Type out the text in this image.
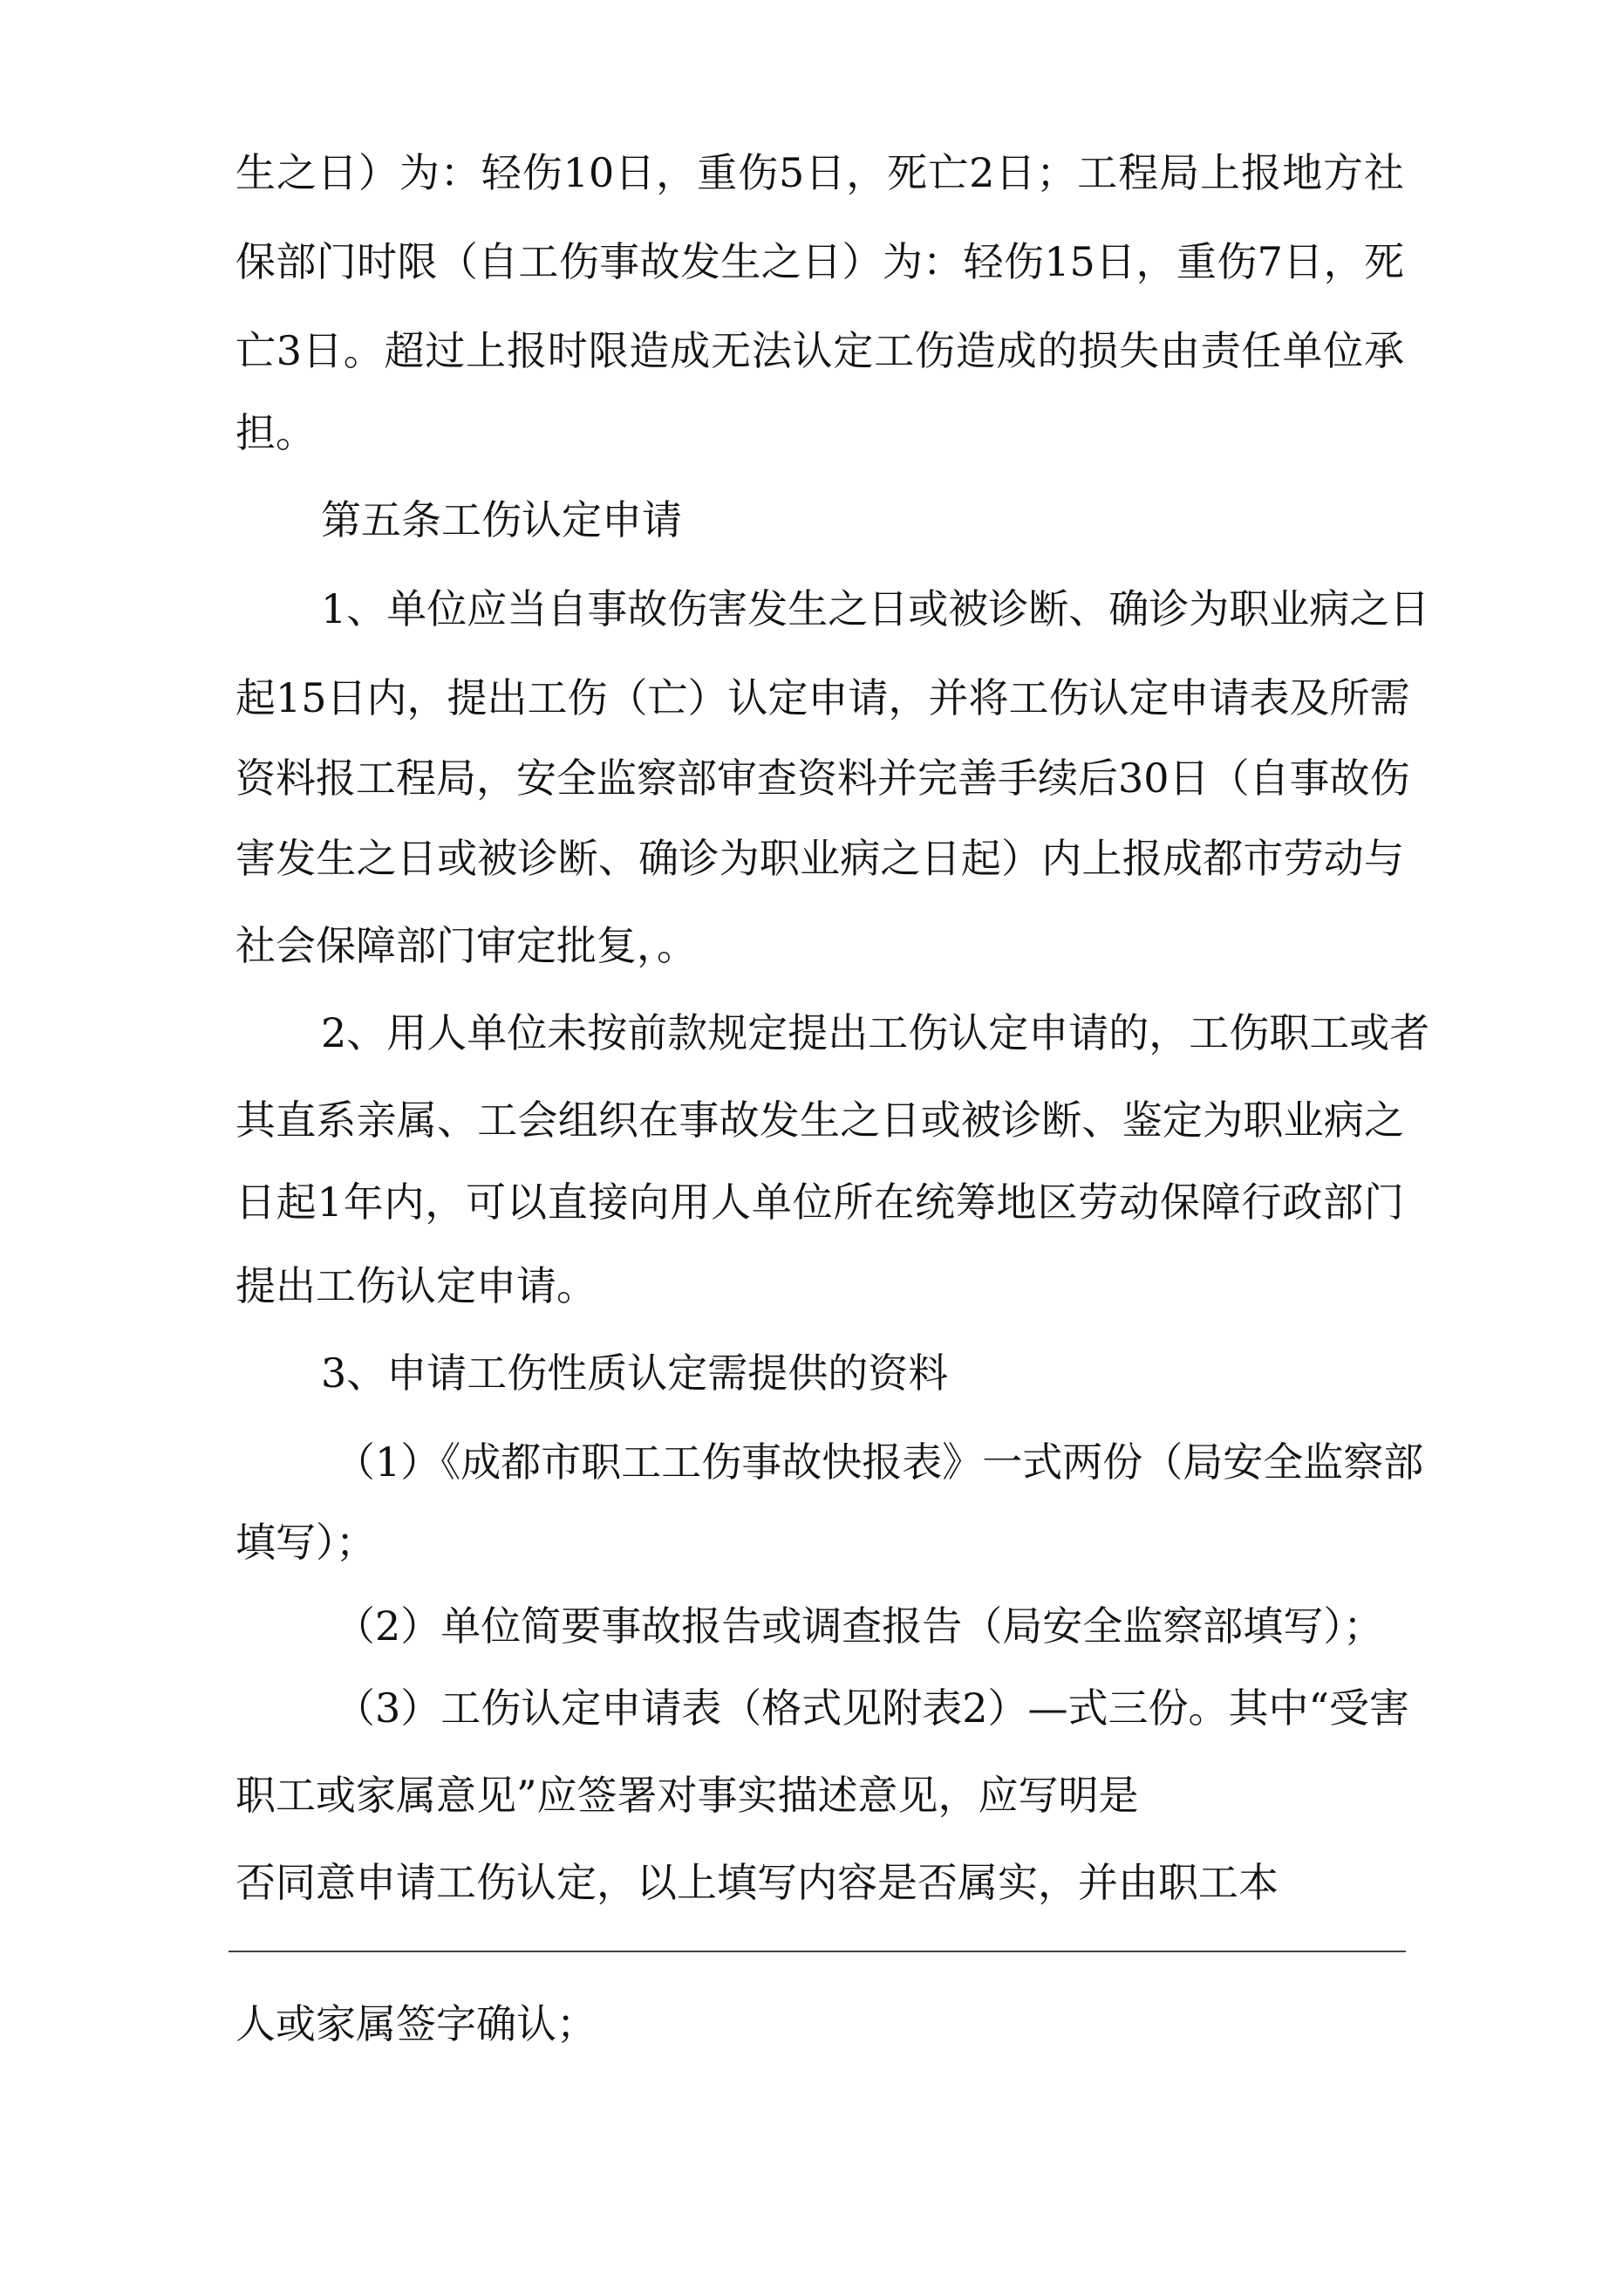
生之日）为：轻伤10日，重伤5日，死亡2日；工程局上报地方社
保部门时限（自工伤事故发生之日）为：轻伤15日，重伤7日，死
亡3日。超过上报时限造成无法认定工伤造成的损失由责任单位承
担。
第五条工伤认定申请
1、单位应当自事故伤害发生之日或被诊断、确诊为职业病之日
起15日内，提出工伤（亡）认定申请，并将工伤认定申请表及所需
资料报工程局，安全监察部审查资料并完善手续后30日（自事故伤
害发生之日或被诊断、确诊为职业病之日起）内上报成都市劳动与
社会保障部门审定批复，。
2、用人单位未按前款规定提出工伤认定申请的，工伤职工或者
其直系亲属、工会组织在事故发生之日或被诊断、鉴定为职业病之
日起1年内，可以直接向用人单位所在统筹地区劳动保障行政部门
提出工伤认定申请。
3、申请工伤性质认定需提供的资料
（1）《成都市职工工伤事故快报表》一式两份（局安全监察部
填写）；
（2）单位简要事故报告或调查报告（局安全监察部填写）；
（3）工伤认定申请表（格式见附表2）—式三份。其中“受害
职工或家属意见”应签署对事实描述意见，应写明是
否同意申请工伤认定，以上填写内容是否属实，并由职工本
人或家属签字确认；
